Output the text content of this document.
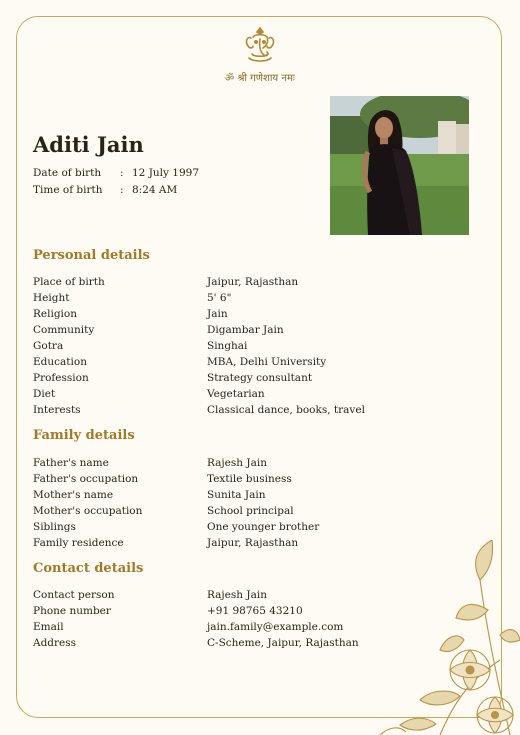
ॐ श्री गणेशाय नमः
Aditi Jain
Date of birth : 12 July 1997
Time of birth : 8:24 AM
Personal details
Place of birth	Jaipur, Rajasthan
Height	5' 6"
Religion	Jain
Community	Digambar Jain
Gotra	Singhai
Education	MBA, Delhi University
Profession	Strategy consultant
Diet	Vegetarian
Interests	Classical dance, books, travel
Family details
Father's name	Rajesh Jain
Father's occupation	Textile business
Mother's name	Sunita Jain
Mother's occupation	School principal
Siblings	One younger brother
Family residence	Jaipur, Rajasthan
Contact details
Contact person	Rajesh Jain
Phone number	+91 98765 43210
Email	jain.family@example.com
Address	C-Scheme, Jaipur, Rajasthan
